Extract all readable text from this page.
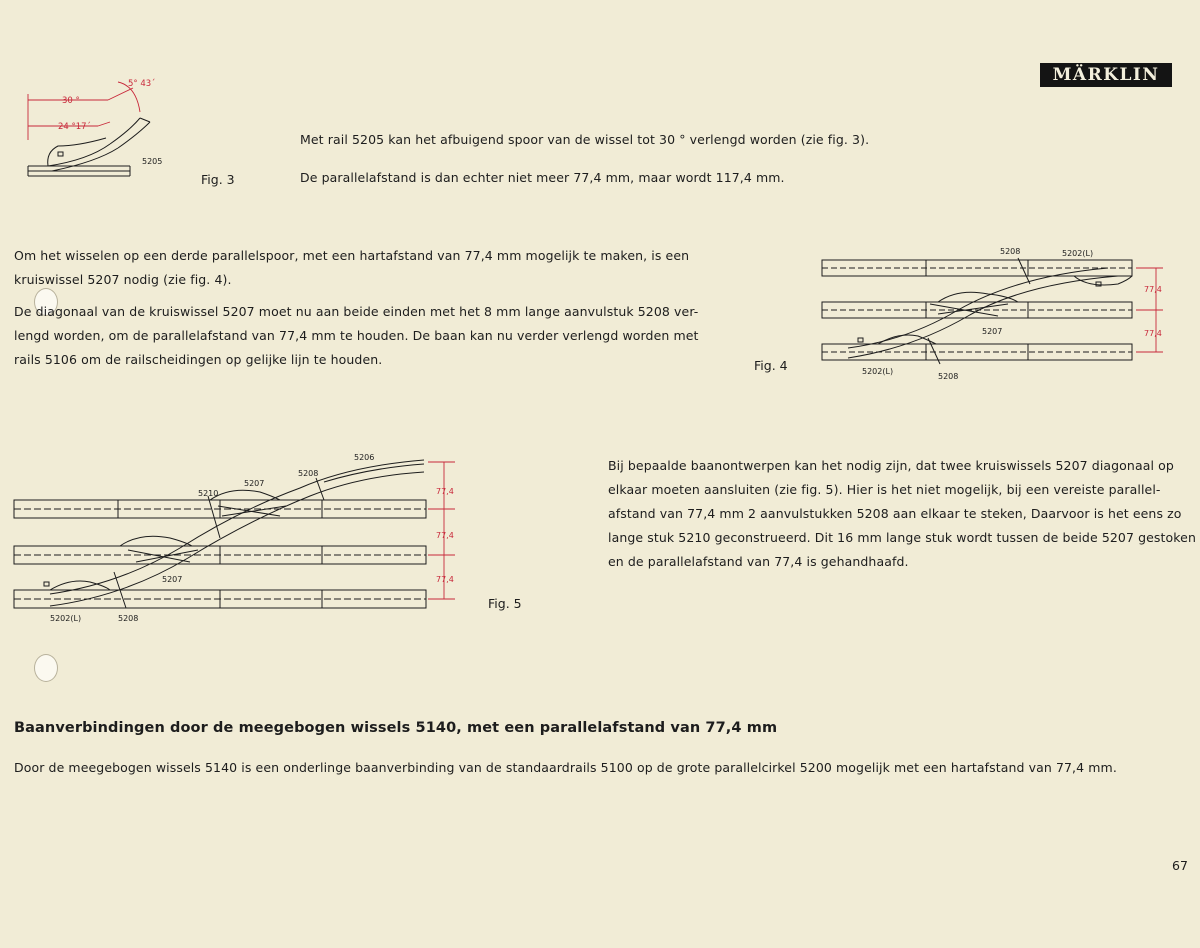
MÄRKLIN
30 °
24 °17´
5° 43´
5205
Fig. 3
Met rail 5205 kan het afbuigend spoor van de wissel tot 30 ° verlengd worden (zie fig. 3).
De parallelafstand is dan echter niet meer 77,4 mm, maar wordt 117,4 mm.
Om het wisselen op een derde parallelspoor, met een hartafstand van 77,4 mm mogelijk te maken, is een
kruiswissel 5207 nodig (zie fig. 4).
De diagonaal van de kruiswissel 5207 moet nu aan beide einden met het 8 mm lange aanvulstuk 5208 ver-
lengd worden, om de parallelafstand van 77,4 mm te houden. De baan kan nu verder verlengd worden met
rails 5106 om de railscheidingen op gelijke lijn te houden.
5208	5202(L)
5207
5202(L)
5208
77,4
77,4
Fig. 4
5206
5208
5207
5210
5207
5202(L)	5208
77,4
77,4
77,4
Fig. 5
Bij bepaalde baanontwerpen kan het nodig zijn, dat twee kruiswissels 5207 diagonaal op
elkaar moeten aansluiten (zie fig. 5). Hier is het niet mogelijk, bij een vereiste parallel-
afstand van 77,4 mm 2 aanvulstukken 5208 aan elkaar te steken, Daarvoor is het eens zo
lange stuk 5210 geconstrueerd. Dit 16 mm lange stuk wordt tussen de beide 5207 gestoken
en de parallelafstand van 77,4 is gehandhaafd.
Baanverbindingen door de meegebogen wissels 5140, met een parallelafstand van 77,4 mm
Door de meegebogen wissels 5140 is een onderlinge baanverbinding van de standaardrails 5100 op de grote parallelcirkel 5200 mogelijk met een hartafstand van 77,4 mm.
67
